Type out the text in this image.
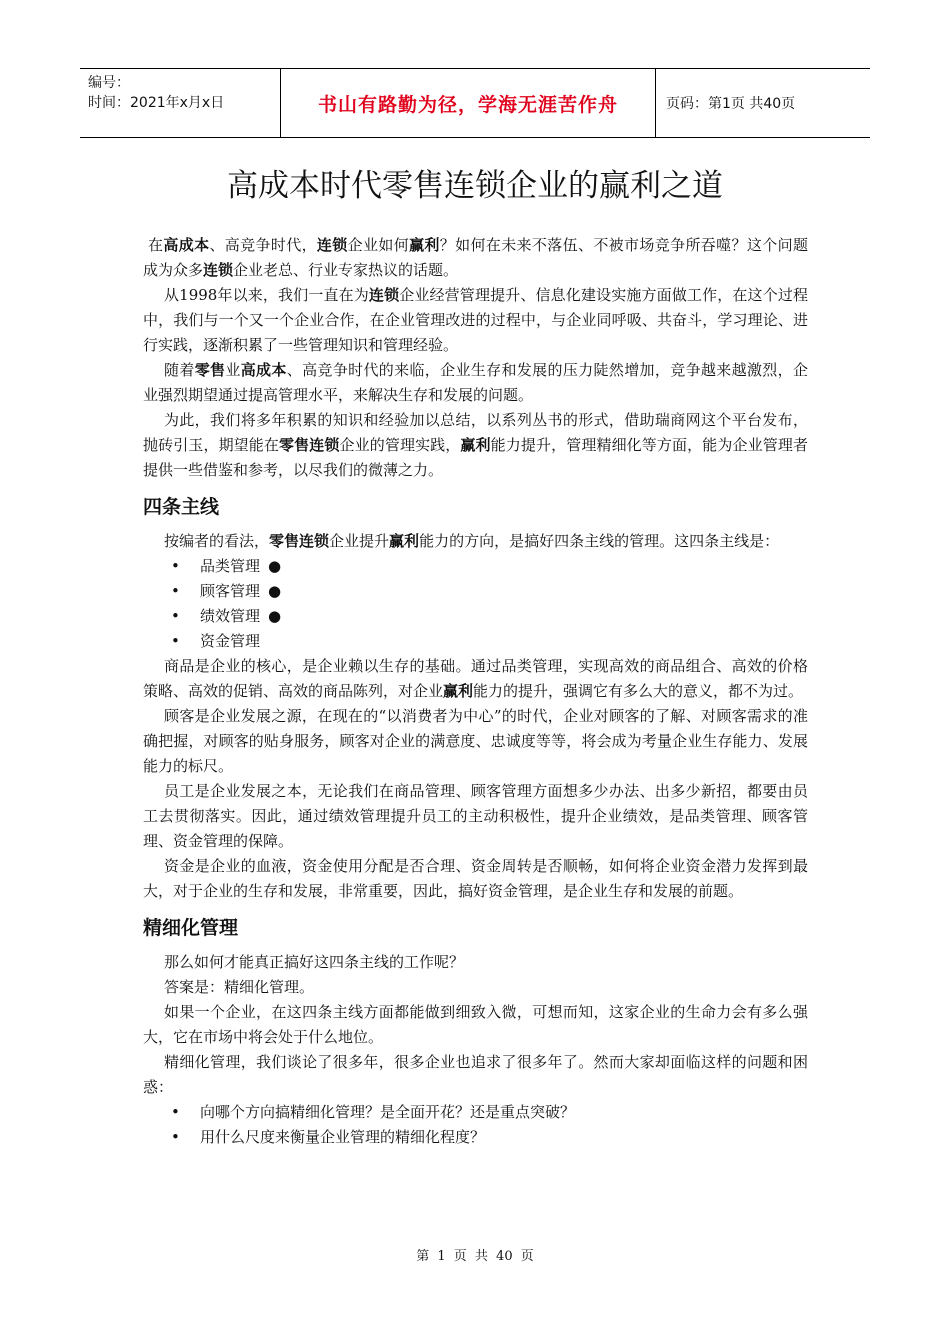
编号：
时间：2021年x月x日	书山有路勤为径，学海无涯苦作舟	页码：第1页 共40页
高成本时代零售连锁企业的赢利之道

在高成本、高竞争时代，连锁企业如何赢利？如何在未来不落伍、不被市场竞争所吞噬？这个问题成为众多连锁企业老总、行业专家热议的话题。

从1998年以来，我们一直在为连锁企业经营管理提升、信息化建设实施方面做工作，在这个过程中，我们与一个又一个企业合作，在企业管理改进的过程中，与企业同呼吸、共奋斗，学习理论、进行实践，逐渐积累了一些管理知识和管理经验。

随着零售业高成本、高竞争时代的来临，企业生存和发展的压力陡然增加，竞争越来越激烈，企业强烈期望通过提高管理水平，来解决生存和发展的问题。

为此，我们将多年积累的知识和经验加以总结，以系列丛书的形式，借助瑞商网这个平台发布，抛砖引玉，期望能在零售连锁企业的管理实践，赢利能力提升，管理精细化等方面，能为企业管理者提供一些借鉴和参考，以尽我们的微薄之力。

四条主线

按编者的看法，零售连锁企业提升赢利能力的方向，是搞好四条主线的管理。这四条主线是：

• 品类管理 ●
• 顾客管理 ●
• 绩效管理 ●
• 资金管理

商品是企业的核心，是企业赖以生存的基础。通过品类管理，实现高效的商品组合、高效的价格策略、高效的促销、高效的商品陈列，对企业赢利能力的提升，强调它有多么大的意义，都不为过。

顾客是企业发展之源，在现在的“以消费者为中心”的时代，企业对顾客的了解、对顾客需求的准确把握，对顾客的贴身服务，顾客对企业的满意度、忠诚度等等，将会成为考量企业生存能力、发展能力的标尺。

员工是企业发展之本，无论我们在商品管理、顾客管理方面想多少办法、出多少新招，都要由员工去贯彻落实。因此，通过绩效管理提升员工的主动积极性，提升企业绩效，是品类管理、顾客管理、资金管理的保障。

资金是企业的血液，资金使用分配是否合理、资金周转是否顺畅，如何将企业资金潜力发挥到最大，对于企业的生存和发展，非常重要，因此，搞好资金管理，是企业生存和发展的前题。

精细化管理

那么如何才能真正搞好这四条主线的工作呢？

答案是：精细化管理。

如果一个企业，在这四条主线方面都能做到细致入微，可想而知，这家企业的生命力会有多么强大，它在市场中将会处于什么地位。

精细化管理，我们谈论了很多年，很多企业也追求了很多年了。然而大家却面临这样的问题和困惑：

• 向哪个方向搞精细化管理？是全面开花？还是重点突破？
• 用什么尺度来衡量企业管理的精细化程度？
第 1 页 共 40 页
